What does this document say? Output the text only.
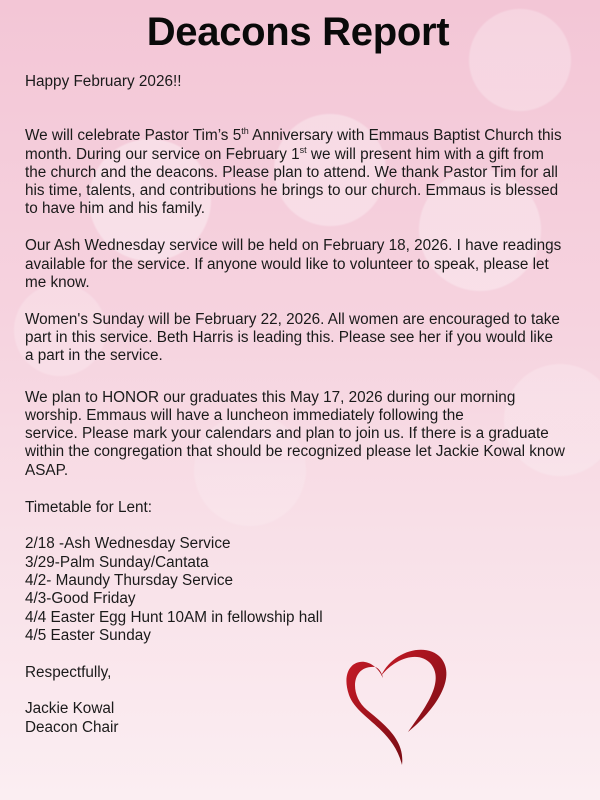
Deacons Report
Happy February 2026!!
We will celebrate Pastor Tim’s 5th Anniversary with Emmaus Baptist Church this
month. During our service on February 1st we will present him with a gift from
the church and the deacons. Please plan to attend. We thank Pastor Tim for all
his time, talents, and contributions he brings to our church. Emmaus is blessed
to have him and his family.
Our Ash Wednesday service will be held on February 18, 2026. I have readings
available for the service. If anyone would like to volunteer to speak, please let
me know.
Women's Sunday will be February 22, 2026. All women are encouraged to take
part in this service. Beth Harris is leading this. Please see her if you would like
a part in the service.
We plan to HONOR our graduates this May 17, 2026 during our morning
worship. Emmaus will have a luncheon immediately following the
service. Please mark your calendars and plan to join us. If there is a graduate
within the congregation that should be recognized please let Jackie Kowal know
ASAP.
Timetable for Lent:
2/18 -Ash Wednesday Service
3/29-Palm Sunday/Cantata
4/2- Maundy Thursday Service
4/3-Good Friday
4/4 Easter Egg Hunt 10AM in fellowship hall
4/5 Easter Sunday
Respectfully,
Jackie Kowal
Deacon Chair
